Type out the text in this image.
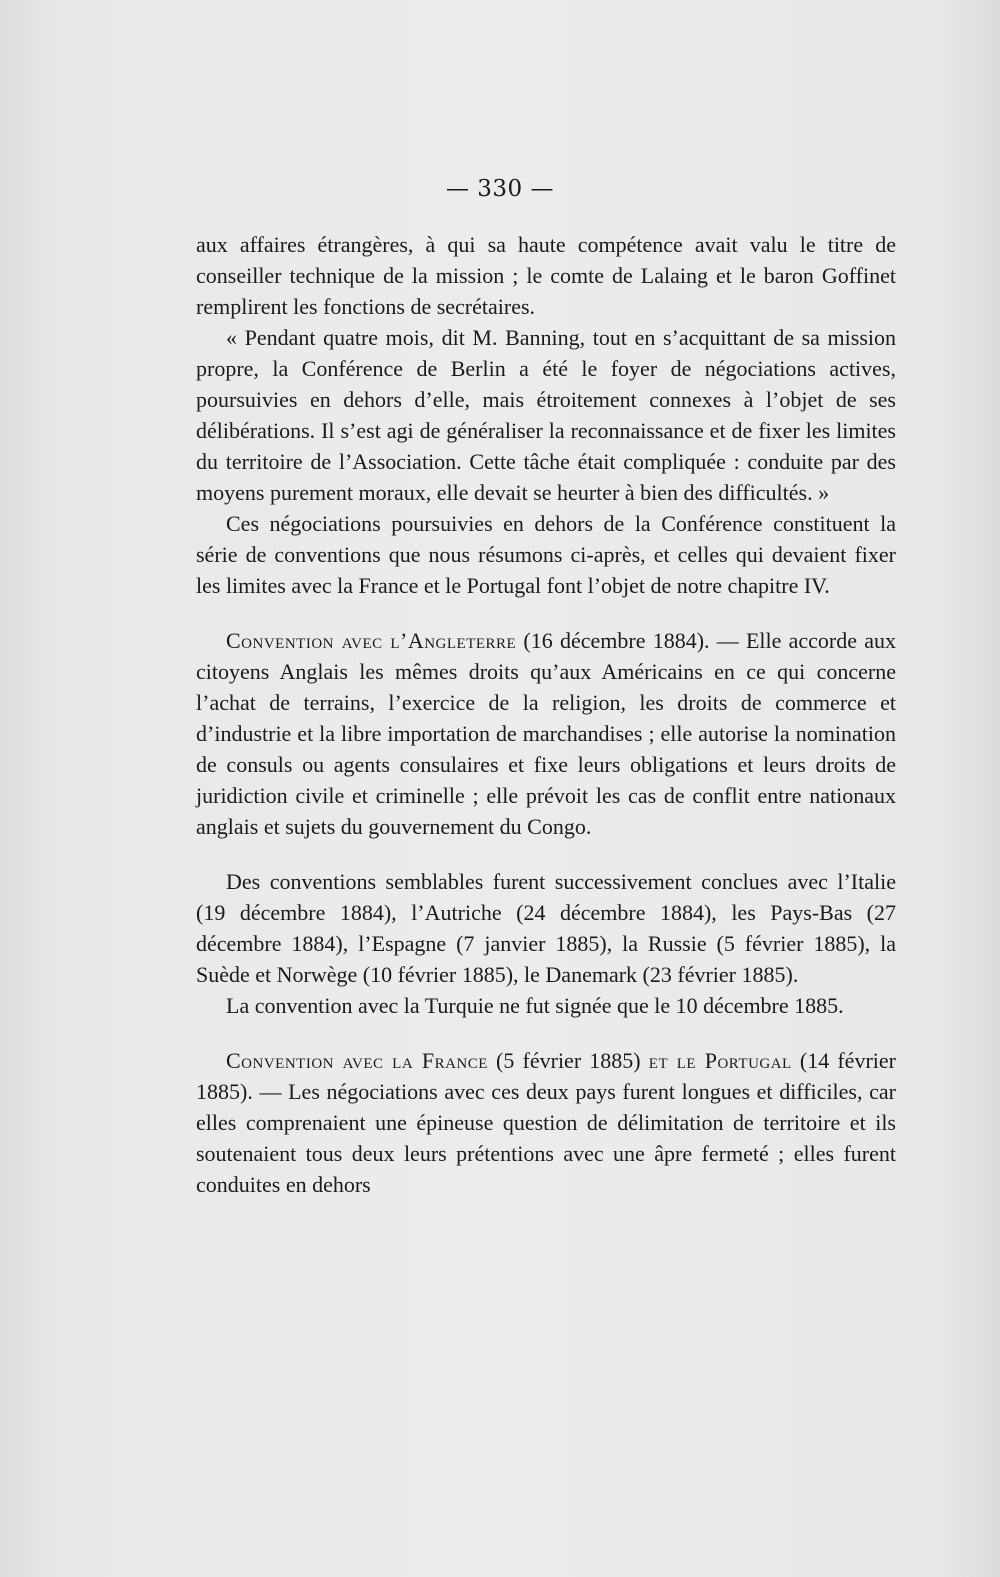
— 330 —

aux affaires étrangères, à qui sa haute compétence avait valu le titre de conseiller technique de la mission ; le comte de Lalaing et le baron Goffinet remplirent les fonctions de secrétaires.

« Pendant quatre mois, dit M. Banning, tout en s’acquittant de sa mission propre, la Conférence de Berlin a été le foyer de négociations actives, poursuivies en dehors d’elle, mais étroitement connexes à l’objet de ses délibérations. Il s’est agi de généraliser la reconnaissance et de fixer les limites du territoire de l’Association. Cette tâche était compliquée : conduite par des moyens purement moraux, elle devait se heurter à bien des difficultés. »

Ces négociations poursuivies en dehors de la Conférence constituent la série de conventions que nous résumons ci-après, et celles qui devaient fixer les limites avec la France et le Portugal font l’objet de notre chapitre IV.

Convention avec l’Angleterre (16 décembre 1884). — Elle accorde aux citoyens Anglais les mêmes droits qu’aux Américains en ce qui concerne l’achat de terrains, l’exercice de la religion, les droits de commerce et d’industrie et la libre importation de marchandises ; elle autorise la nomination de consuls ou agents consulaires et fixe leurs obligations et leurs droits de juridiction civile et criminelle ; elle prévoit les cas de conflit entre nationaux anglais et sujets du gouvernement du Congo.

Des conventions semblables furent successivement conclues avec l’Italie (19 décembre 1884), l’Autriche (24 décembre 1884), les Pays-Bas (27 décembre 1884), l’Espagne (7 janvier 1885), la Russie (5 février 1885), la Suède et Norwège (10 février 1885), le Danemark (23 février 1885).

La convention avec la Turquie ne fut signée que le 10 décembre 1885.

Convention avec la France (5 février 1885) et le Portugal (14 février 1885). — Les négociations avec ces deux pays furent longues et difficiles, car elles comprenaient une épineuse question de délimitation de territoire et ils soutenaient tous deux leurs prétentions avec une âpre fermeté ; elles furent conduites en dehors
